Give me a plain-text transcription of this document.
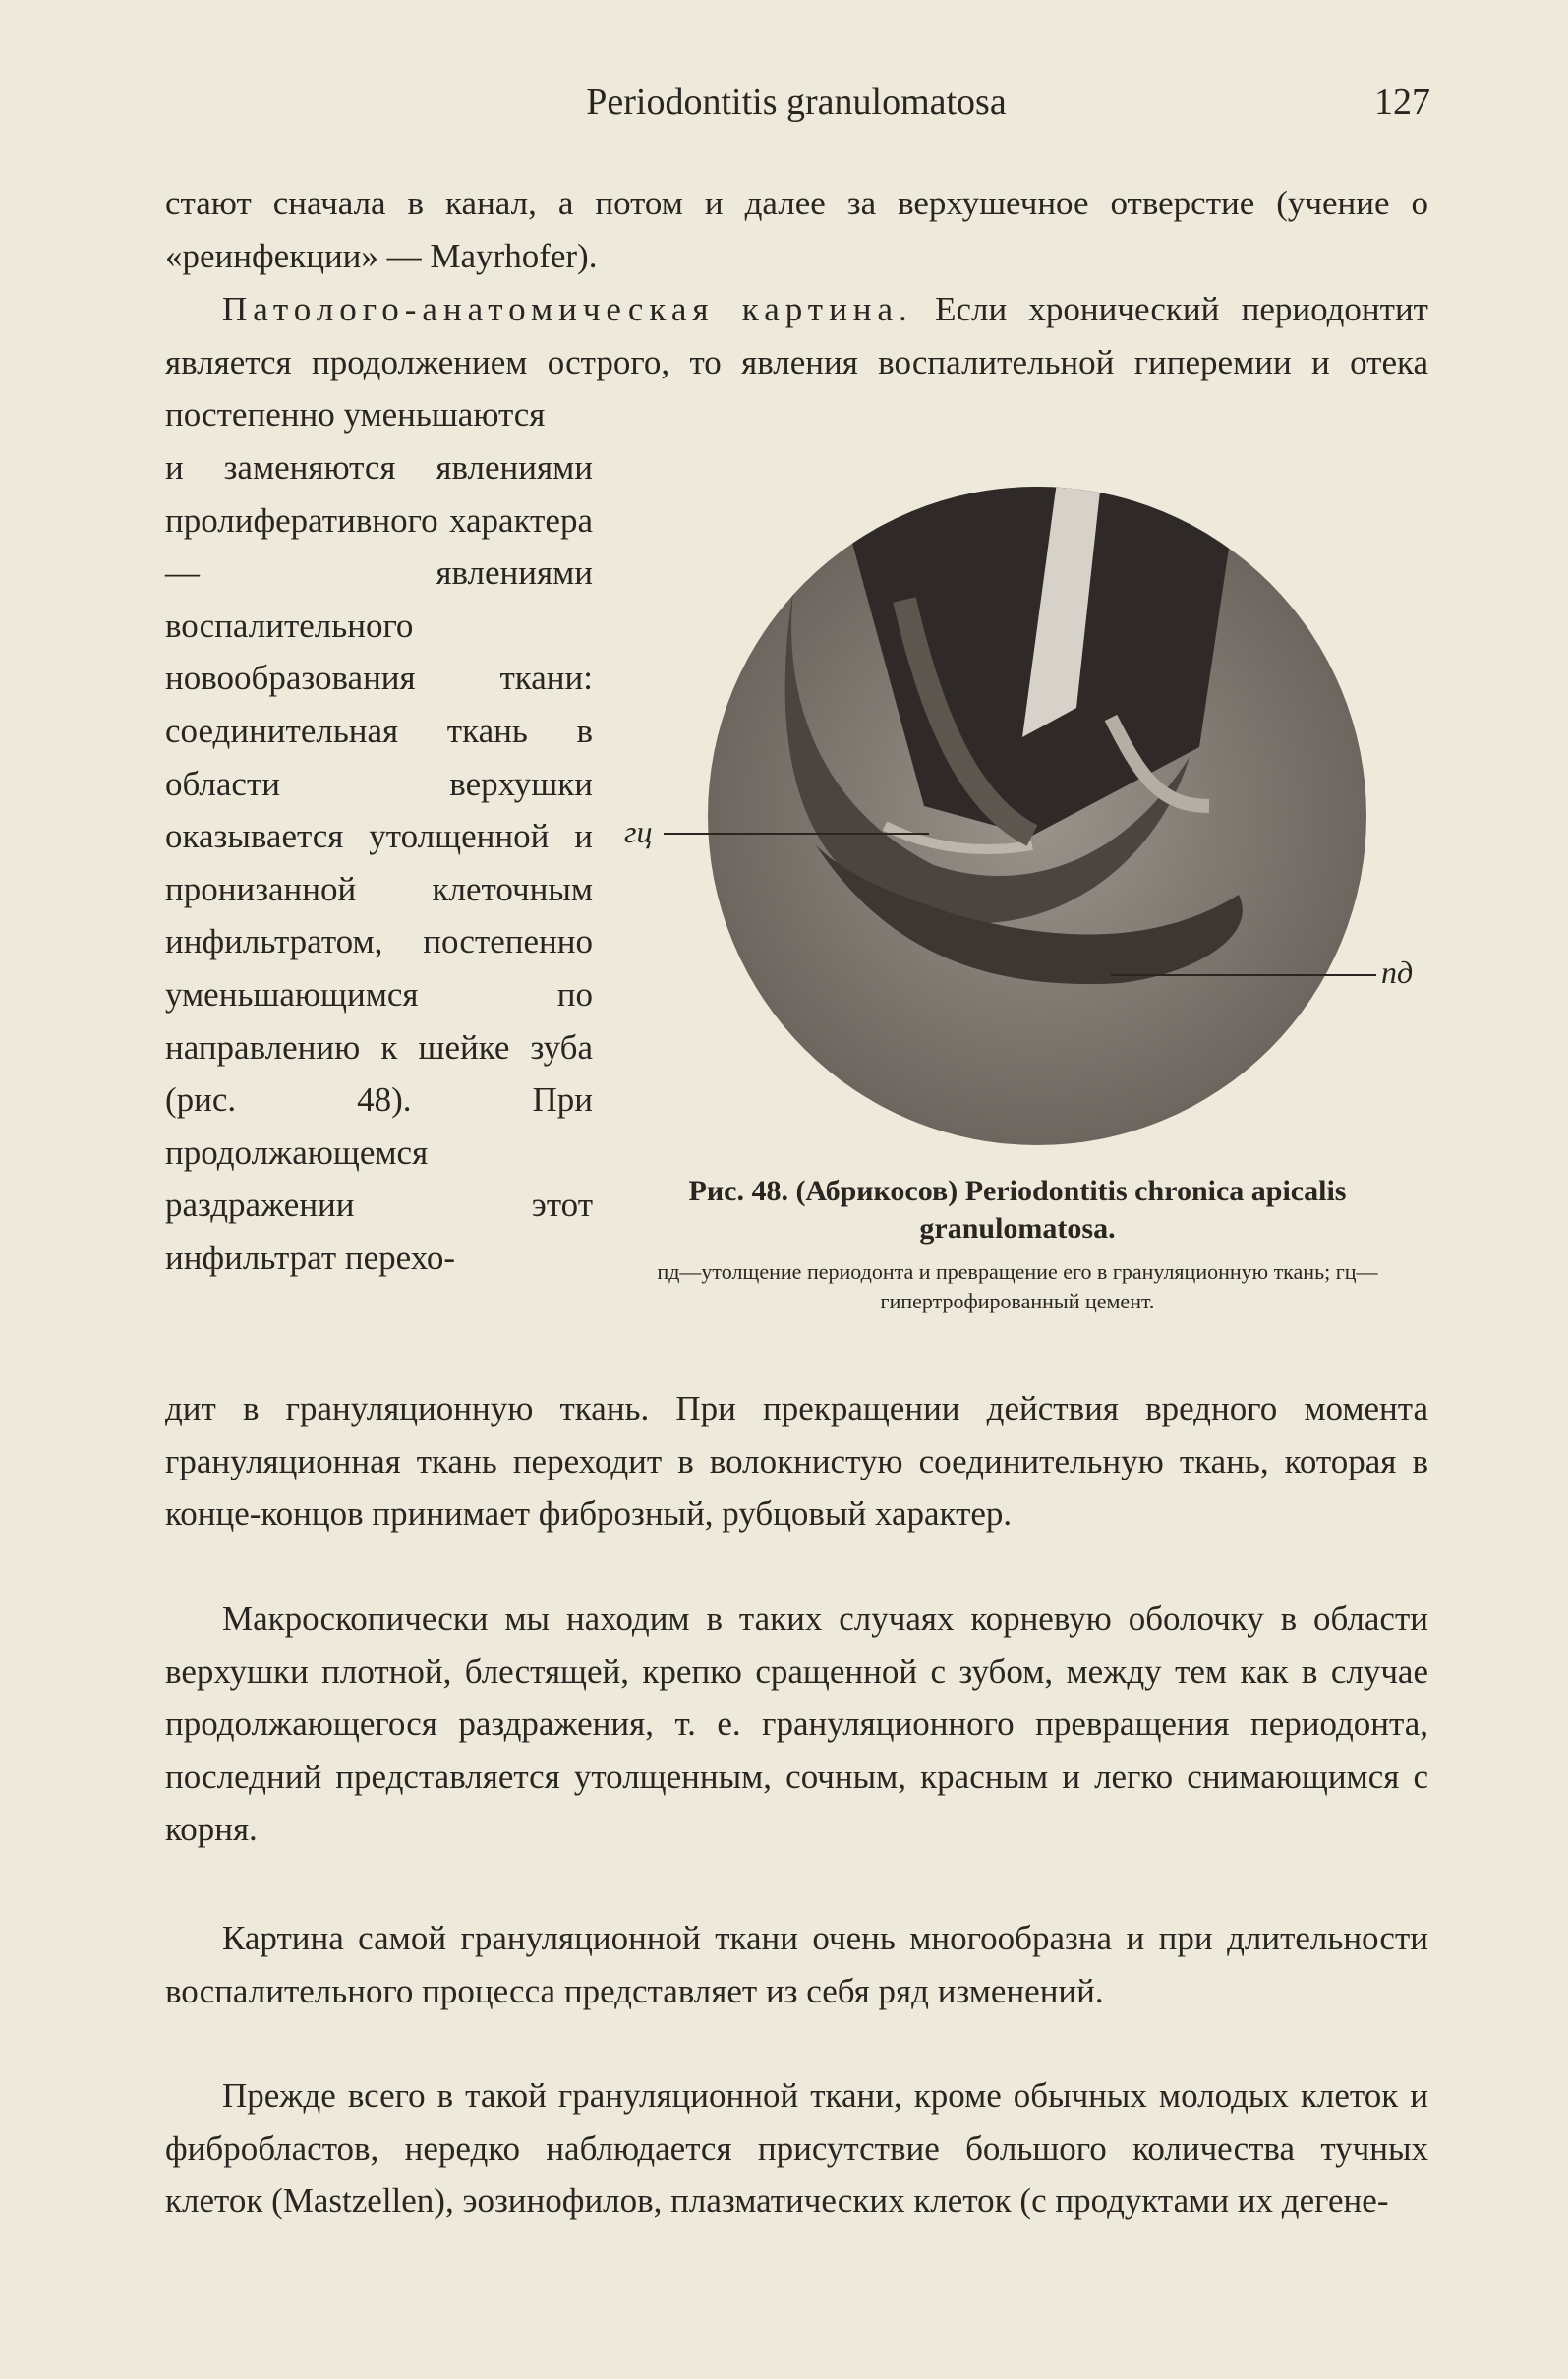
Periodontitis granulomatosa	127

стают сначала в канал, а потом и далее за верхушечное отверстие (учение о «реинфекции» — Mayrhofer).

Патолого-анатомическая картина. Если хронический периодонтит является продолжением острого, то явления воспалительной гиперемии и отека постепенно уменьшаются

и заменяются явлениями пролиферативного характера — явлениями воспалительного новообразования ткани: соединительная ткань в области верхушки оказывается утолщенной и пронизанной клеточным инфильтратом, постепенно уменьшающимся по направлению к шейке зуба (рис. 48). При продолжающемся раздражении этот инфильтрат перехо-

гц
пд
Рис. 48. (Абрикосов) Periodontitis chronica apicalis granulomatosa.
пд—утолщение периодонта и превращение его в грануляционную ткань; гц—гипертрофированный цемент.

дит в грануляционную ткань. При прекращении действия вредного момента грануляционная ткань переходит в волокнистую соединительную ткань, которая в конце-концов принимает фиброзный, рубцовый характер.

Макроскопически мы находим в таких случаях корневую оболочку в области верхушки плотной, блестящей, крепко сращенной с зубом, между тем как в случае продолжающегося раздражения, т. е. грануляционного превращения периодонта, последний представляется утолщенным, сочным, красным и легко снимающимся с корня.

Картина самой грануляционной ткани очень многообразна и при длительности воспалительного процесса представляет из себя ряд изменений.

Прежде всего в такой грануляционной ткани, кроме обычных молодых клеток и фибробластов, нередко наблюдается присутствие большого количества тучных клеток (Mastzellen), эозинофилов, плазматических клеток (с продуктами их дегене-
